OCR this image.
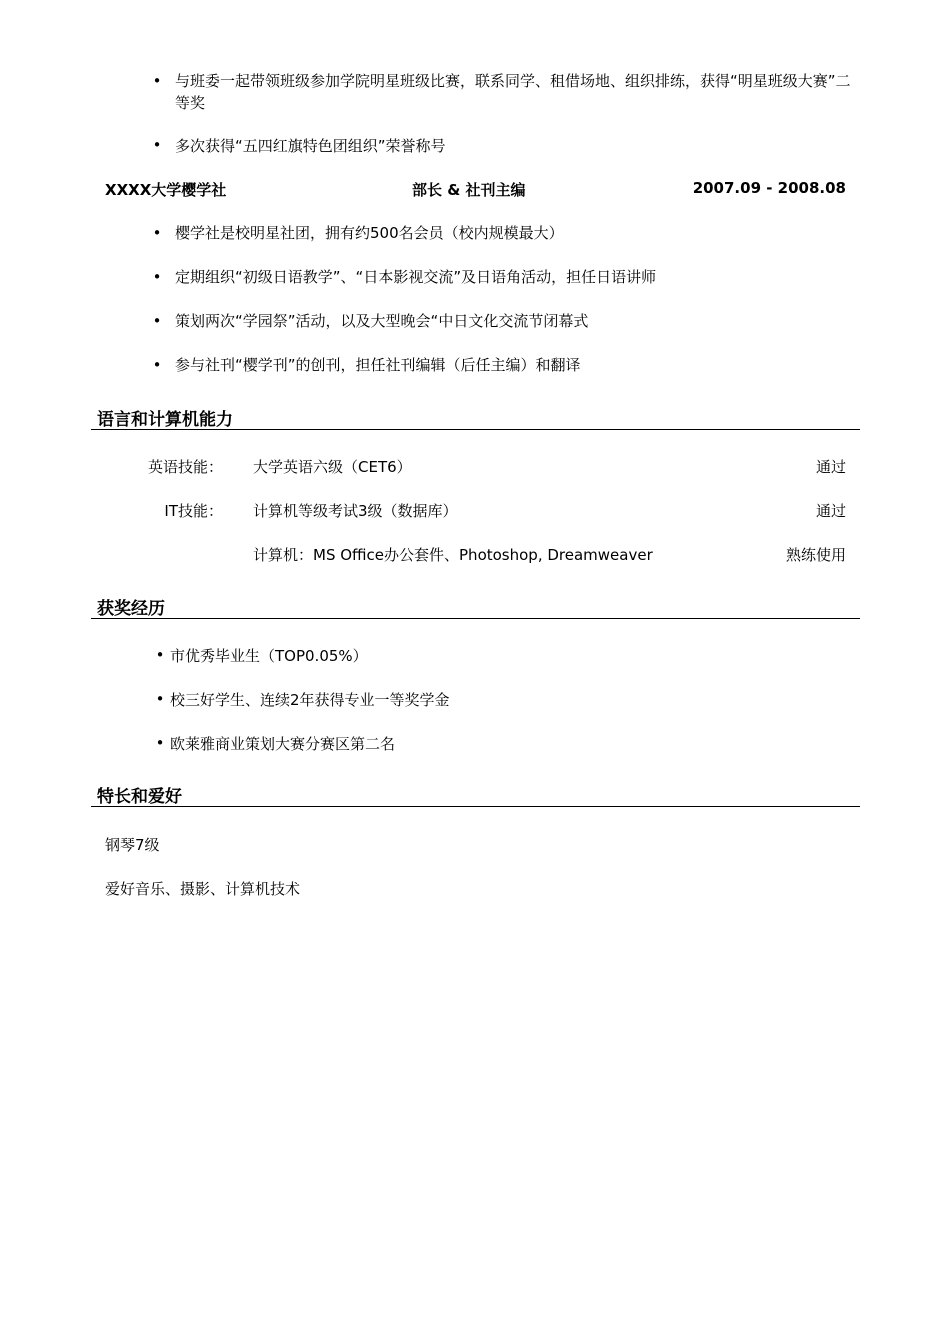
• 与班委一起带领班级参加学院明星班级比赛，联系同学、租借场地、组织排练，获得“明星班级大赛”二等奖
• 多次获得“五四红旗特色团组织”荣誉称号
XXXX大学樱学社	部长 & 社刊主编	2007.09 - 2008.08
• 樱学社是校明星社团，拥有约500名会员（校内规模最大）
• 定期组织“初级日语教学”、“日本影视交流”及日语角活动，担任日语讲师
• 策划两次“学园祭”活动，以及大型晚会“中日文化交流节闭幕式
• 参与社刊“樱学刊”的创刊，担任社刊编辑（后任主编）和翻译
语言和计算机能力
英语技能： 大学英语六级（CET6）	通过
IT技能： 计算机等级考试3级（数据库）	通过
计算机：MS Office办公套件、Photoshop, Dreamweaver	熟练使用
获奖经历
• 市优秀毕业生（TOP0.05%）
• 校三好学生、连续2年获得专业一等奖学金
• 欧莱雅商业策划大赛分赛区第二名
特长和爱好
钢琴7级
爱好音乐、摄影、计算机技术
